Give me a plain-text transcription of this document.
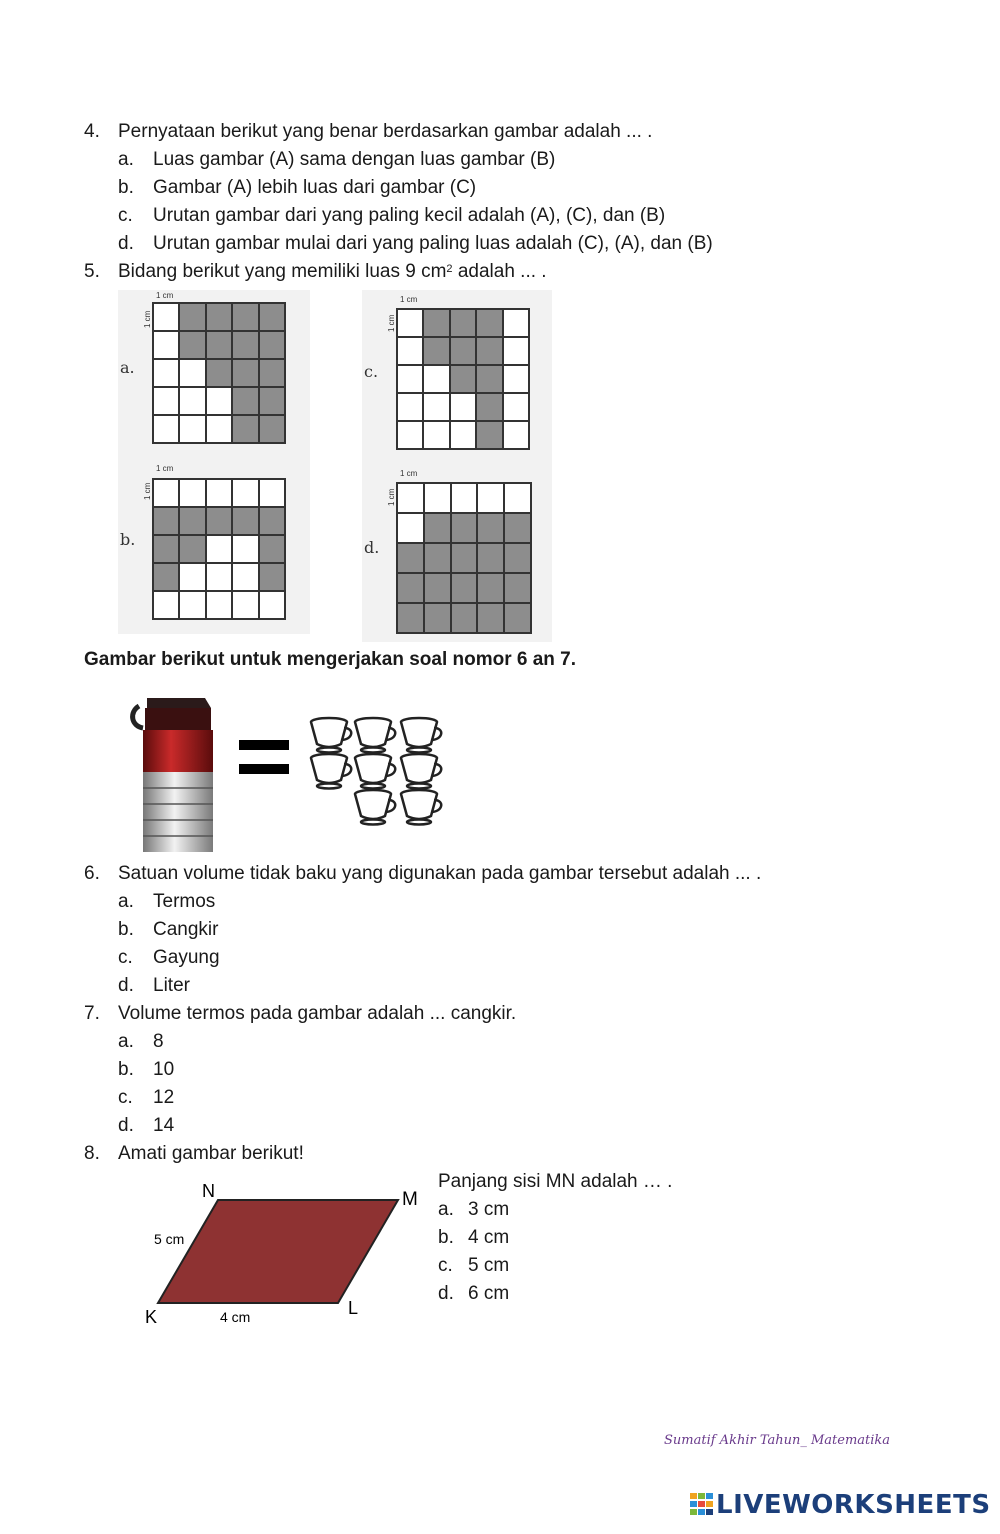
4. Pernyataan berikut yang benar berdasarkan gambar adalah ... .
a.	Luas gambar (A) sama dengan luas gambar (B)
b.	Gambar (A) lebih luas dari gambar (C)
c.	Urutan gambar dari yang paling kecil adalah (A), (C), dan (B)
d.	Urutan gambar mulai dari yang paling luas adalah (C), (A), dan (B)
5. Bidang berikut yang memiliki luas 9 $cm^2$ adalah ... .
a.
1 cm
1 cm
b.
1 cm
1 cm
c.
1 cm
1 cm
d.
1 cm
1 cm
Gambar berikut untuk mengerjakan soal nomor 6 an 7.
6. Satuan volume tidak baku yang digunakan pada gambar tersebut adalah ... .
a.	Termos
b.	Cangkir
c.	Gayung
d.	Liter
7. Volume termos pada gambar adalah ... cangkir.
a.	8
b.	10
c.	12
d.	14
8. Amati gambar berikut!
N	M
K	L
5 cm
4 cm
Panjang sisi MN adalah … .
a. 3 cm
b. 4 cm
c. 5 cm
d. 6 cm
Sumatif Akhir Tahun_ Matematika
LIVEWORKSHEETS
